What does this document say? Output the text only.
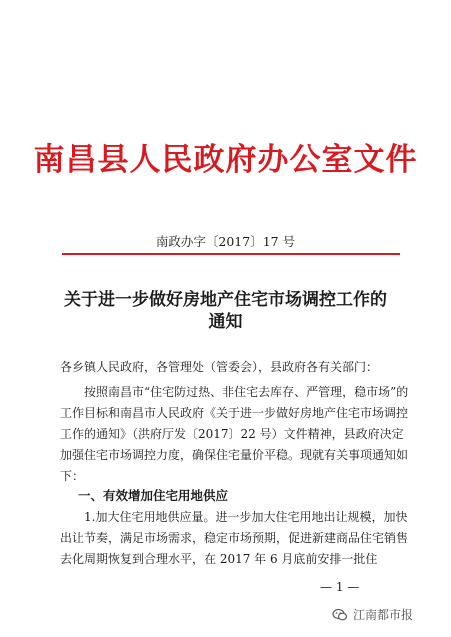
南昌县人民政府办公室文件
南政办字〔2017〕17 号
关于进一步做好房地产住宅市场调控工作的
通知
各乡镇人民政府，各管理处（管委会），县政府各有关部门：
按照南昌市“住宅防过热、非住宅去库存、严管理，稳市场”的工作目标和南昌市人民政府《关于进一步做好房地产住宅市场调控工作的通知》（洪府厅发〔2017〕22 号）文件精神，县政府决定加强住宅市场调控力度，确保住宅量价平稳。现就有关事项通知如下：
一、有效增加住宅用地供应
1.加大住宅用地供应量。进一步加大住宅用地出让规模，加快出让节奏，满足市场需求，稳定市场预期，促进新建商品住宅销售去化周期恢复到合理水平，在 2017 年 6 月底前安排一批住
— 1 —
江南都市报
